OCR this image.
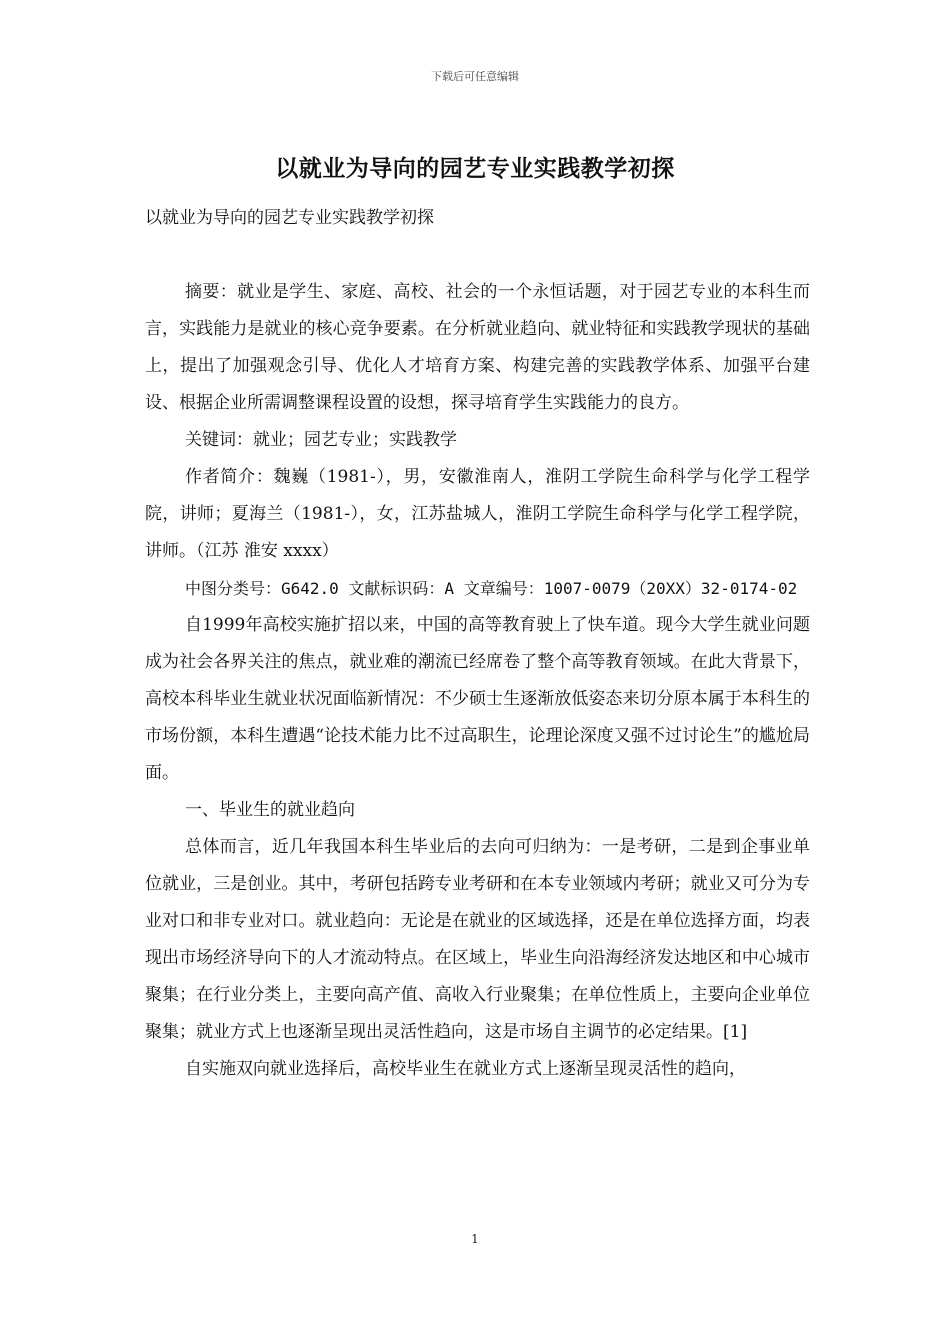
下载后可任意编辑
以就业为导向的园艺专业实践教学初探

以就业为导向的园艺专业实践教学初探

摘要：就业是学生、家庭、高校、社会的一个永恒话题，对于园艺专业的本科生而言，实践能力是就业的核心竞争要素。在分析就业趋向、就业特征和实践教学现状的基础上，提出了加强观念引导、优化人才培育方案、构建完善的实践教学体系、加强平台建设、根据企业所需调整课程设置的设想，探寻培育学生实践能力的良方。

关键词：就业；园艺专业；实践教学

作者简介：魏巍（1981-），男，安徽淮南人，淮阴工学院生命科学与化学工程学院，讲师；夏海兰（1981-），女，江苏盐城人，淮阴工学院生命科学与化学工程学院，讲师。（江苏 淮安 xxxx）

中图分类号：G642.0 文献标识码：A 文章编号：1007-0079（20XX）32-0174-02

自1999年高校实施扩招以来，中国的高等教育驶上了快车道。现今大学生就业问题成为社会各界关注的焦点，就业难的潮流已经席卷了整个高等教育领域。在此大背景下，高校本科毕业生就业状况面临新情况：不少硕士生逐渐放低姿态来切分原本属于本科生的市场份额，本科生遭遇“论技术能力比不过高职生，论理论深度又强不过讨论生”的尴尬局面。

一、毕业生的就业趋向

总体而言，近几年我国本科生毕业后的去向可归纳为：一是考研，二是到企事业单位就业，三是创业。其中，考研包括跨专业考研和在本专业领域内考研；就业又可分为专业对口和非专业对口。就业趋向：无论是在就业的区域选择，还是在单位选择方面，均表现出市场经济导向下的人才流动特点。在区域上，毕业生向沿海经济发达地区和中心城市聚集；在行业分类上，主要向高产值、高收入行业聚集；在单位性质上，主要向企业单位聚集；就业方式上也逐渐呈现出灵活性趋向，这是市场自主调节的必定结果。[1]

自实施双向就业选择后，高校毕业生在就业方式上逐渐呈现灵活性的趋向，

1
